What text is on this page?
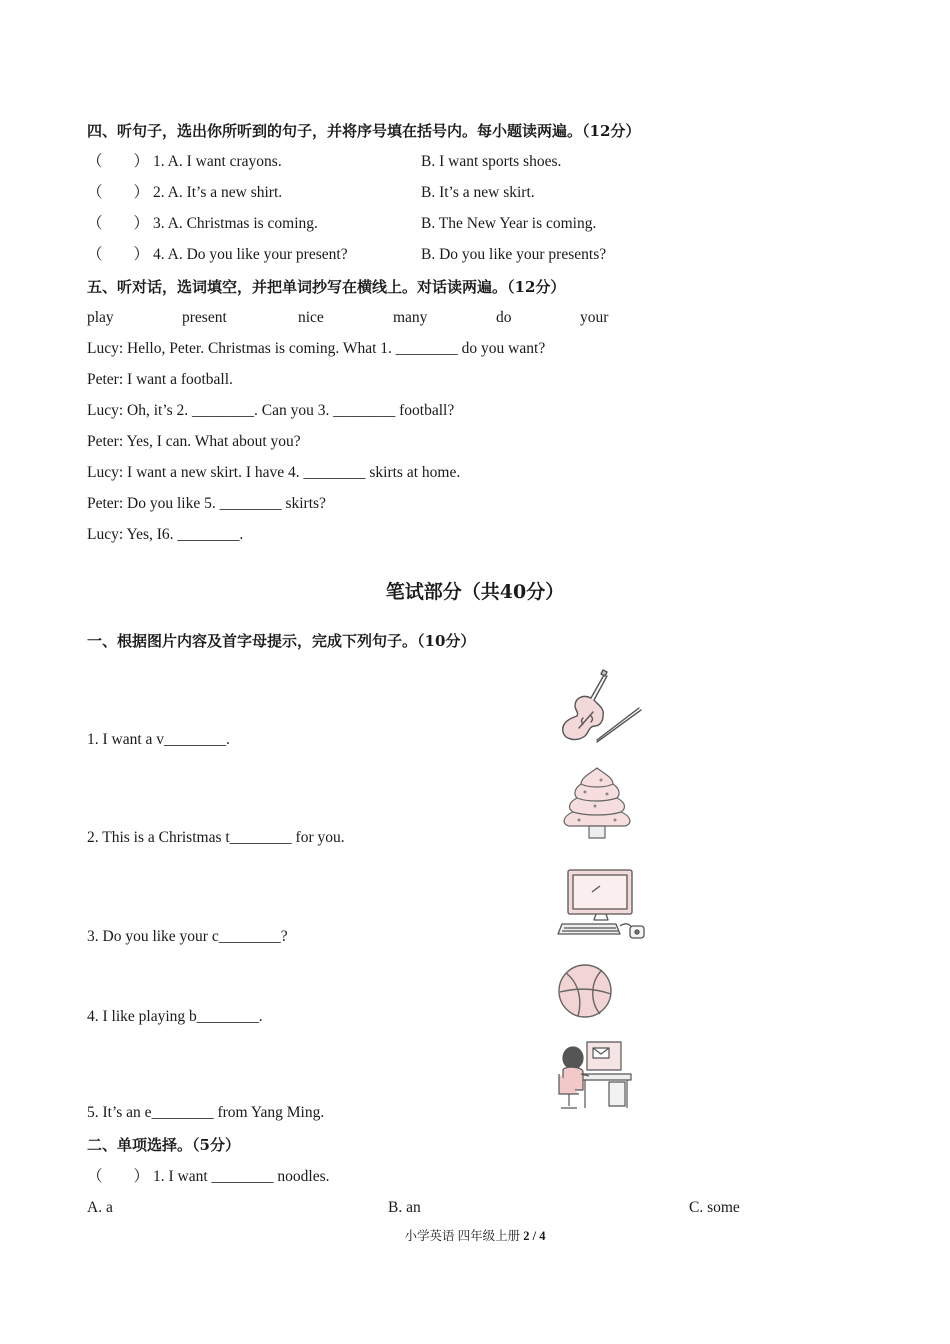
四、听句子，选出你所听到的句子，并将序号填在括号内。每小题读两遍。（12分）
（　　） 1. A. I want crayons.	B. I want sports shoes.
（　　） 2. A. It’s a new shirt.	B. It’s a new skirt.
（　　） 3. A. Christmas is coming.	B. The New Year is coming.
（　　） 4. A. Do you like your present?	B. Do you like your presents?
五、听对话，选词填空，并把单词抄写在横线上。对话读两遍。（12分）
play	present	nice	many	do	your
Lucy: Hello, Peter. Christmas is coming. What 1. ________ do you want?
Peter: I want a football.
Lucy: Oh, it’s 2. ________. Can you 3. ________ football?
Peter: Yes, I can. What about you?
Lucy: I want a new skirt. I have 4. ________ skirts at home.
Peter: Do you like 5. ________ skirts?
Lucy: Yes, I6. ________.
笔试部分（共40分）
一、根据图片内容及首字母提示，完成下列句子。（10分）
1. I want a v________.
2. This is a Christmas t________ for you.
3. Do you like your c________?
4. I like playing b________.
5. It’s an e________ from Yang Ming.
二、单项选择。（5分）
（　　） 1. I want ________ noodles.
A. a	B. an	C. some
小学英语 四年级上册 2 / 4
